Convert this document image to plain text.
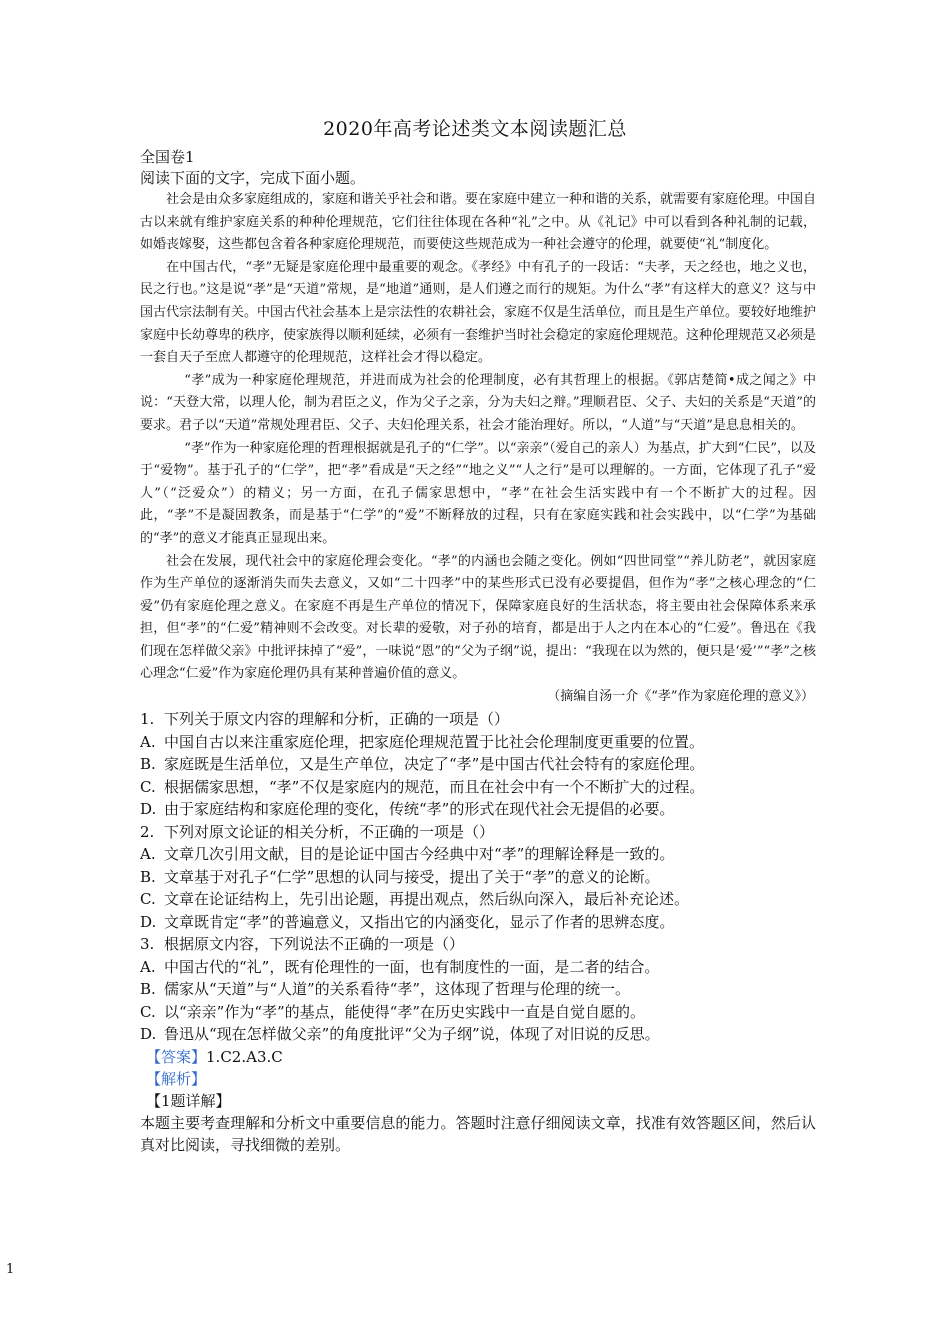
2020年高考论述类文本阅读题汇总
全国卷1
阅读下面的文字，完成下面小题。
社会是由众多家庭组成的，家庭和谐关乎社会和谐。要在家庭中建立一种和谐的关系，就需要有家庭伦理。中国自古以来就有维护家庭关系的种种伦理规范，它们往往体现在各种“礼”之中。从《礼记》中可以看到各种礼制的记载，如婚丧嫁娶，这些都包含着各种家庭伦理规范，而要使这些规范成为一种社会遵守的伦理，就要使“礼”制度化。
在中国古代，“孝”无疑是家庭伦理中最重要的观念。《孝经》中有孔子的一段话：“夫孝，天之经也，地之义也，民之行也。”这是说“孝”是“天道”常规，是“地道”通则，是人们遵之而行的规矩。为什么“孝”有这样大的意义？这与中国古代宗法制有关。中国古代社会基本上是宗法性的农耕社会，家庭不仅是生活单位，而且是生产单位。要较好地维护家庭中长幼尊卑的秩序，使家族得以顺利延续，必须有一套维护当时社会稳定的家庭伦理规范。这种伦理规范又必须是一套自天子至庶人都遵守的伦理规范，这样社会才得以稳定。
“孝”成为一种家庭伦理规范，并进而成为社会的伦理制度，必有其哲理上的根据。《郭店楚简•成之闻之》中说：“天登大常，以理人伦，制为君臣之义，作为父子之亲，分为夫妇之辩。”理顺君臣、父子、夫妇的关系是“天道”的要求。君子以“天道”常规处理君臣、父子、夫妇伦理关系，社会才能治理好。所以，“人道”与“天道”是息息相关的。
“孝”作为一种家庭伦理的哲理根据就是孔子的“仁学”。以“亲亲”（爱自己的亲人）为基点，扩大到“仁民”，以及于“爱物”。基于孔子的“仁学”，把“孝”看成是“天之经”“地之义”“人之行”是可以理解的。一方面，它体现了孔子“爱人”（“泛爱众”）的精义；另一方面，在孔子儒家思想中，“孝”在社会生活实践中有一个不断扩大的过程。因此，“孝”不是凝固教条，而是基于“仁学”的“爱”不断释放的过程，只有在家庭实践和社会实践中，以“仁学”为基础的“孝”的意义才能真正显现出来。
社会在发展，现代社会中的家庭伦理会变化。“孝”的内涵也会随之变化。例如“四世同堂”“养儿防老”，就因家庭作为生产单位的逐渐消失而失去意义，又如“二十四孝”中的某些形式已没有必要提倡，但作为“孝”之核心理念的“仁爱”仍有家庭伦理之意义。在家庭不再是生产单位的情况下，保障家庭良好的生活状态，将主要由社会保障体系来承担，但“孝”的“仁爱”精神则不会改变。对长辈的爱敬，对子孙的培育，都是出于人之内在本心的“仁爱”。鲁迅在《我们现在怎样做父亲》中批评抹掉了“爱”，一味说“恩”的“父为子纲”说，提出：“我现在以为然的，便只是‘爱’”“孝”之核心理念“仁爱”作为家庭伦理仍具有某种普遍价值的意义。
（摘编自汤一介《“孝”作为家庭伦理的意义》）
1. 下列关于原文内容的理解和分析，正确的一项是（）
A. 中国自古以来注重家庭伦理，把家庭伦理规范置于比社会伦理制度更重要的位置。
B. 家庭既是生活单位，又是生产单位，决定了“孝”是中国古代社会特有的家庭伦理。
C. 根据儒家思想，“孝”不仅是家庭内的规范，而且在社会中有一个不断扩大的过程。
D. 由于家庭结构和家庭伦理的变化，传统“孝”的形式在现代社会无提倡的必要。
2. 下列对原文论证的相关分析，不正确的一项是（）
A. 文章几次引用文献，目的是论证中国古今经典中对“孝”的理解诠释是一致的。
B. 文章基于对孔子“仁学”思想的认同与接受，提出了关于“孝”的意义的论断。
C. 文章在论证结构上，先引出论题，再提出观点，然后纵向深入，最后补充论述。
D. 文章既肯定“孝”的普遍意义，又指出它的内涵变化，显示了作者的思辨态度。
3. 根据原文内容，下列说法不正确的一项是（）
A. 中国古代的“礼”，既有伦理性的一面，也有制度性的一面，是二者的结合。
B. 儒家从“天道”与“人道”的关系看待“孝”，这体现了哲理与伦理的统一。
C. 以“亲亲”作为“孝”的基点，能使得“孝”在历史实践中一直是自觉自愿的。
D. 鲁迅从“现在怎样做父亲”的角度批评“父为子纲”说，体现了对旧说的反思。
【答案】1.C2.A3.C
【解析】
【1题详解】
本题主要考查理解和分析文中重要信息的能力。答题时注意仔细阅读文章，找准有效答题区间，然后认真对比阅读，寻找细微的差别。
1
